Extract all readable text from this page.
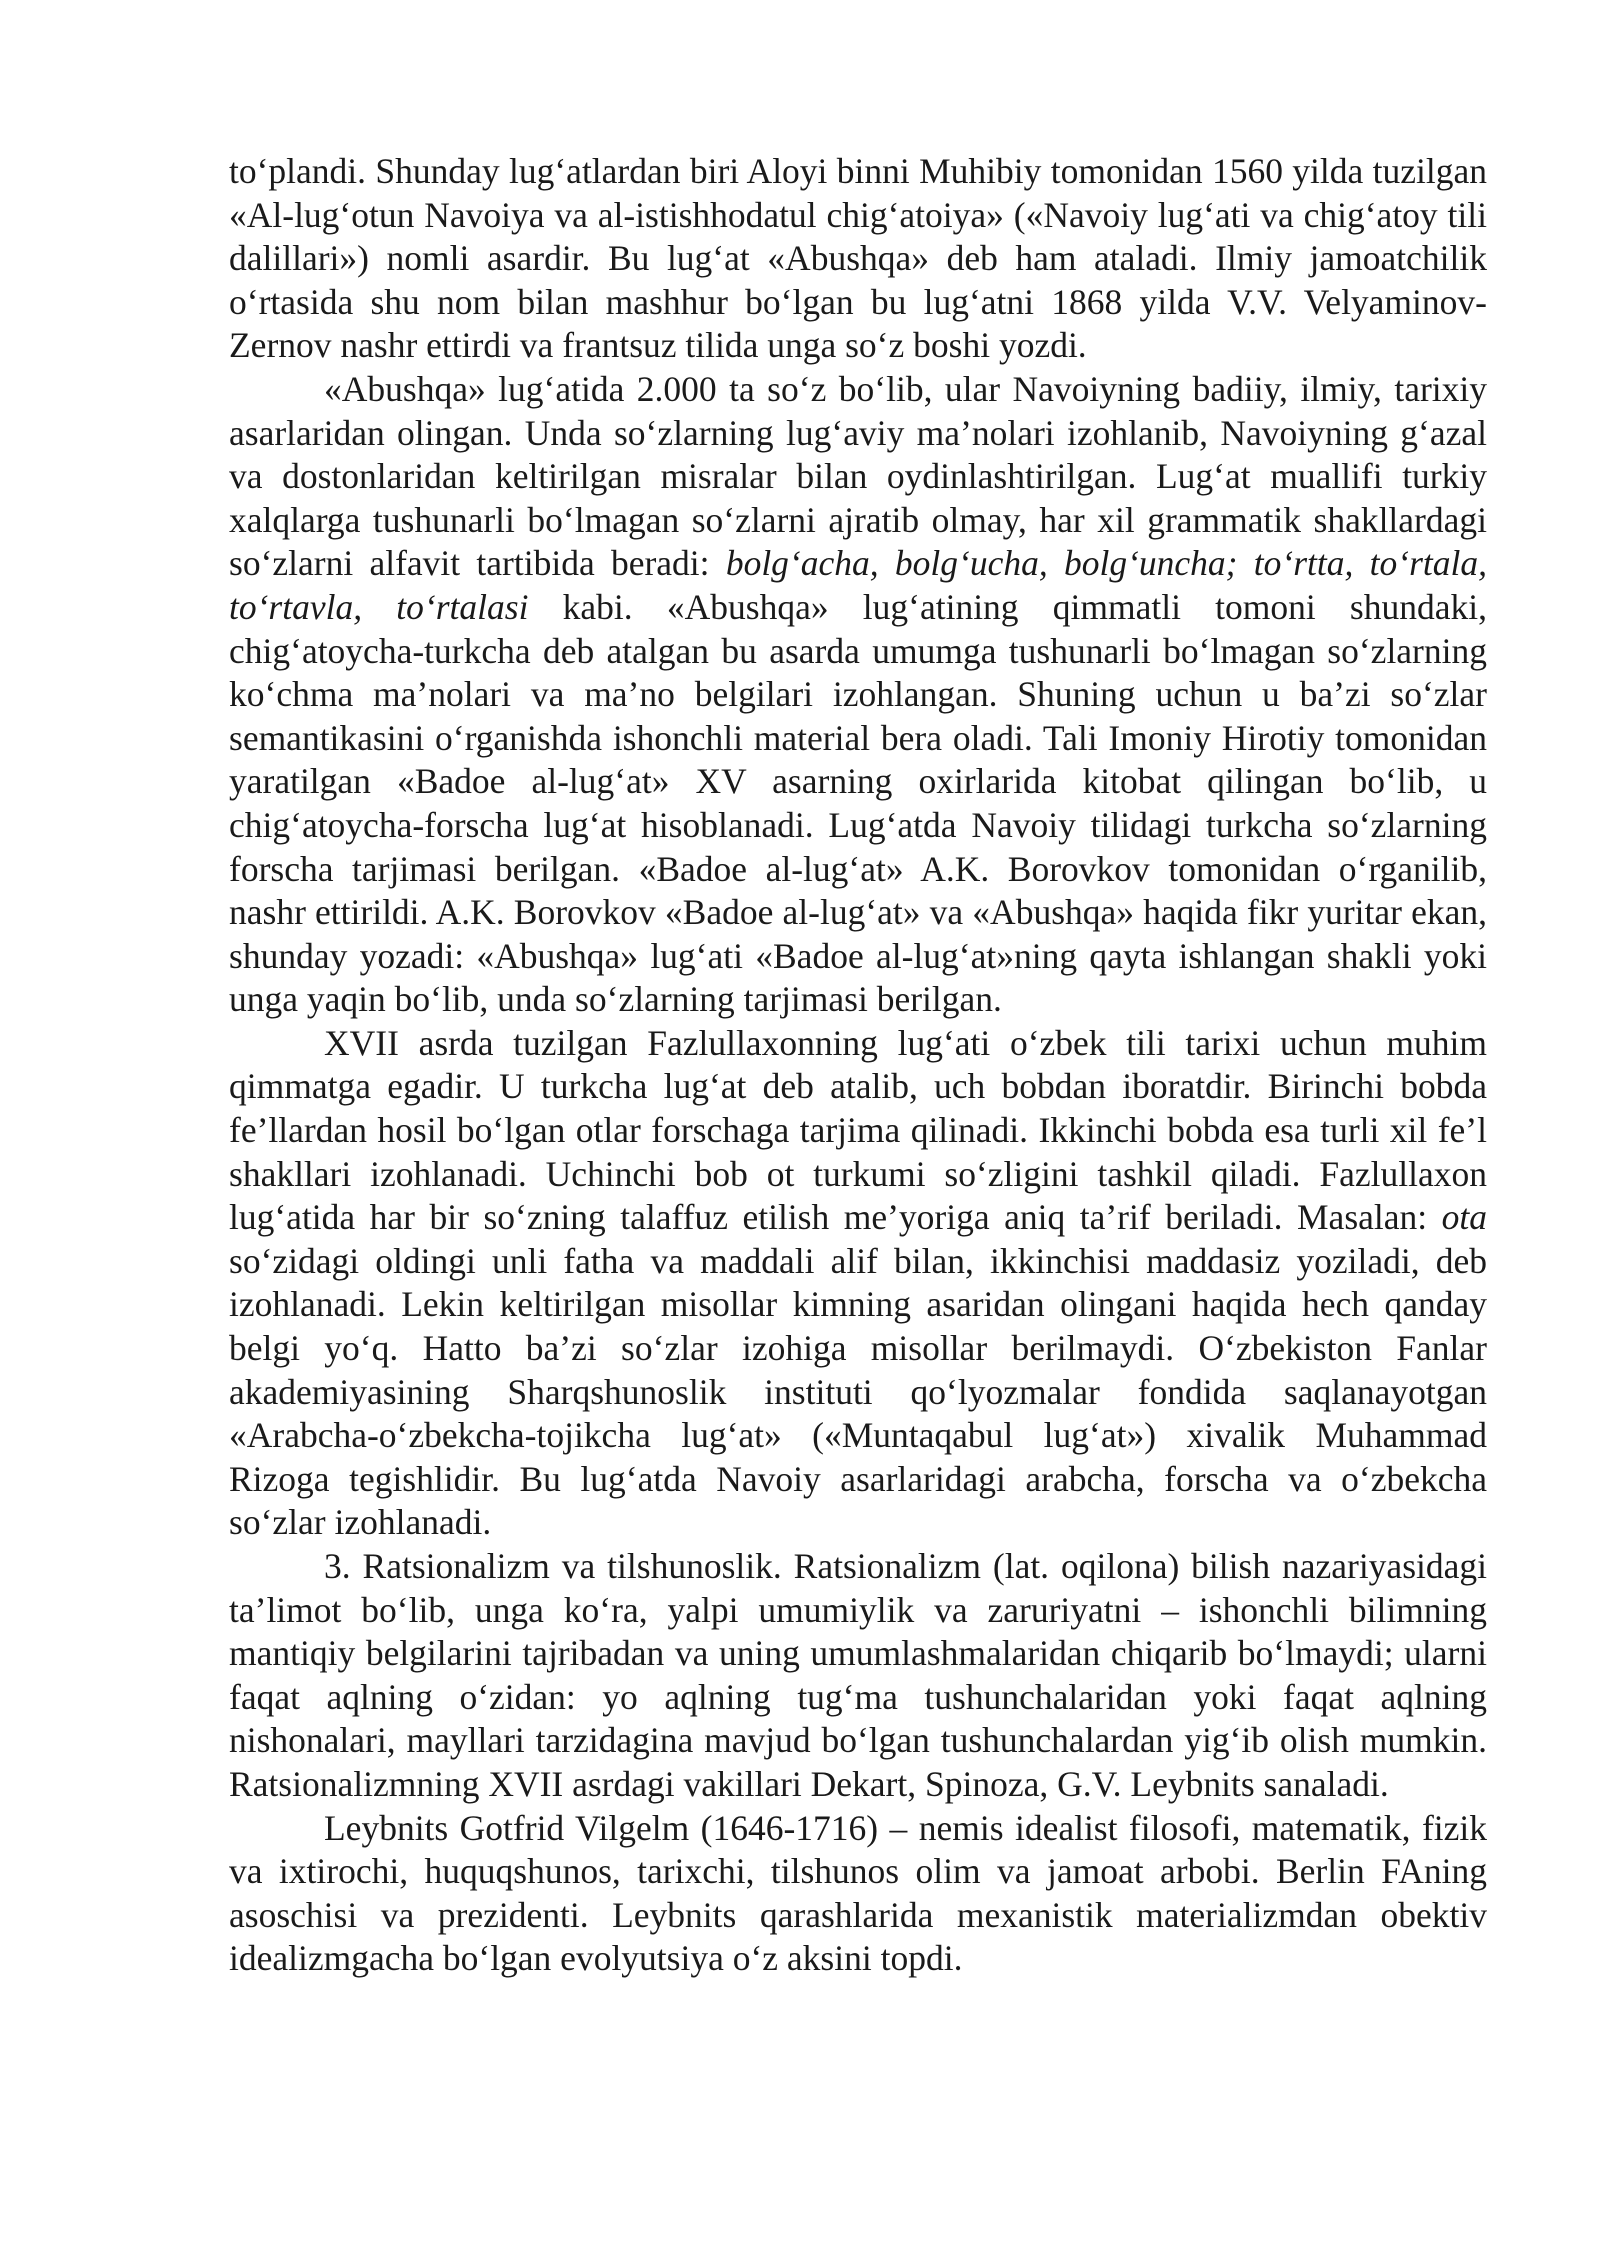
to‘plandi. Shunday lug‘atlardan biri Aloyi binni Muhibiy tomonidan 1560 yilda tuzilgan «Al-lug‘otun Navoiya va al-istishhodatul chig‘atoiya» («Navoiy lug‘ati va chig‘atoy tili dalillari») nomli asardir. Bu lug‘at «Abushqa» deb ham ataladi. Ilmiy jamoatchilik o‘rtasida shu nom bilan mashhur bo‘lgan bu lug‘atni 1868 yilda V.V. Velyaminov-Zernov nashr ettirdi va frantsuz tilida unga so‘z boshi yozdi.

«Abushqa» lug‘atida 2.000 ta so‘z bo‘lib, ular Navoiyning badiiy, ilmiy, tarixiy asarlaridan olingan. Unda so‘zlarning lug‘aviy ma’nolari izohlanib, Navoiyning g‘azal va dostonlaridan keltirilgan misralar bilan oydinlashtirilgan. Lug‘at muallifi turkiy xalqlarga tushunarli bo‘lmagan so‘zlarni ajratib olmay, har xil grammatik shakllardagi so‘zlarni alfavit tartibida beradi: bolg‘acha, bolg‘ucha, bolg‘uncha; to‘rtta, to‘rtala, to‘rtavla, to‘rtalasi kabi. «Abushqa» lug‘atining qimmatli tomoni shundaki, chig‘atoycha-turkcha deb atalgan bu asarda umumga tushunarli bo‘lmagan so‘zlarning ko‘chma ma’nolari va ma’no belgilari izohlangan. Shuning uchun u ba’zi so‘zlar semantikasini o‘rganishda ishonchli material bera oladi. Tali Imoniy Hirotiy tomonidan yaratilgan «Badoe al-lug‘at» XV asarning oxirlarida kitobat qilingan bo‘lib, u chig‘atoycha-forscha lug‘at hisoblanadi. Lug‘atda Navoiy tilidagi turkcha so‘zlarning forscha tarjimasi berilgan. «Badoe al-lug‘at» A.K. Borovkov tomonidan o‘rganilib, nashr ettirildi. A.K. Borovkov «Badoe al-lug‘at» va «Abushqa» haqida fikr yuritar ekan, shunday yozadi: «Abushqa» lug‘ati «Badoe al-lug‘at»ning qayta ishlangan shakli yoki unga yaqin bo‘lib, unda so‘zlarning tarjimasi berilgan.

XVII asrda tuzilgan Fazlullaxonning lug‘ati o‘zbek tili tarixi uchun muhim qimmatga egadir. U turkcha lug‘at deb atalib, uch bobdan iboratdir. Birinchi bobda fe’llardan hosil bo‘lgan otlar forschaga tarjima qilinadi. Ikkinchi bobda esa turli xil fe’l shakllari izohlanadi. Uchinchi bob ot turkumi so‘zligini tashkil qiladi. Fazlullaxon lug‘atida har bir so‘zning talaffuz etilish me’yoriga aniq ta’rif beriladi. Masalan: ota so‘zidagi oldingi unli fatha va maddali alif bilan, ikkinchisi maddasiz yoziladi, deb izohlanadi. Lekin keltirilgan misollar kimning asaridan olingani haqida hech qanday belgi yo‘q. Hatto ba’zi so‘zlar izohiga misollar berilmaydi. O‘zbekiston Fanlar akademiyasining Sharqshunoslik instituti qo‘lyozmalar fondida saqlanayotgan «Arabcha-o‘zbekcha-tojikcha lug‘at» («Muntaqabul lug‘at») xivalik Muhammad Rizoga tegishlidir. Bu lug‘atda Navoiy asarlaridagi arabcha, forscha va o‘zbekcha so‘zlar izohlanadi.

3. Ratsionalizm va tilshunoslik. Ratsionalizm (lat. oqilona) bilish nazariyasidagi ta’limot bo‘lib, unga ko‘ra, yalpi umumiylik va zaruriyatni – ishonchli bilimning mantiqiy belgilarini tajribadan va uning umumlashmalaridan chiqarib bo‘lmaydi; ularni faqat aqlning o‘zidan: yo aqlning tug‘ma tushunchalaridan yoki faqat aqlning nishonalari, mayllari tarzidagina mavjud bo‘lgan tushunchalardan yig‘ib olish mumkin. Ratsionalizmning XVII asrdagi vakillari Dekart, Spinoza, G.V. Leybnits sanaladi.

Leybnits Gotfrid Vilgelm (1646-1716) – nemis idealist filosofi, matematik, fizik va ixtirochi, huquqshunos, tarixchi, tilshunos olim va jamoat arbobi. Berlin FAning asoschisi va prezidenti. Leybnits qarashlarida mexanistik materializmdan obektiv idealizmgacha bo‘lgan evolyutsiya o‘z aksini topdi.
